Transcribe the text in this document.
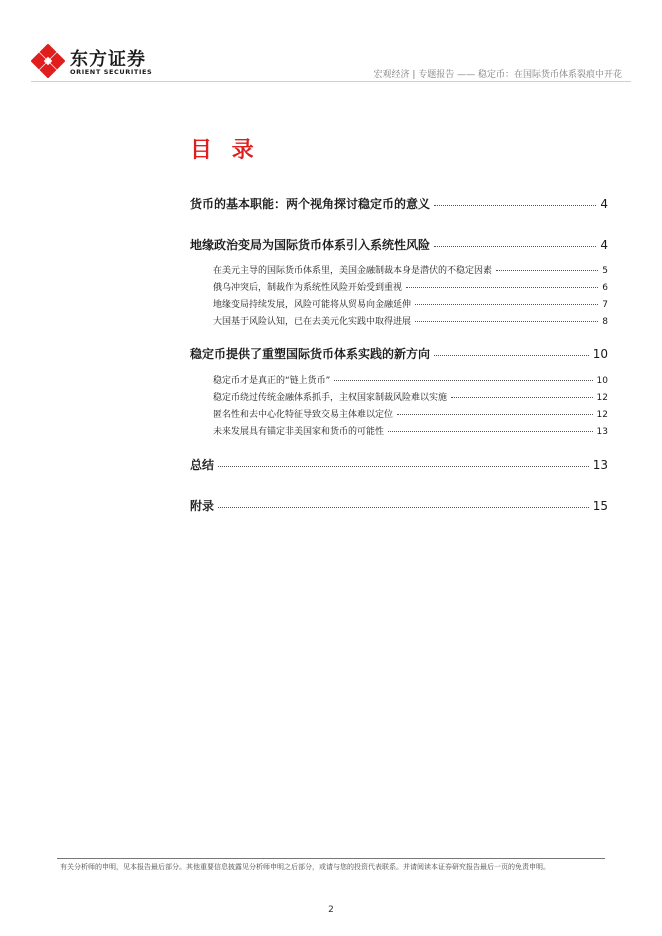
东方证券
ORIENT SECURITIES	宏观经济 | 专题报告 —— 稳定币：在国际货币体系裂痕中开花
目 录
货币的基本职能：两个视角探讨稳定币的意义	4
地缘政治变局为国际货币体系引入系统性风险	4
在美元主导的国际货币体系里，美国金融制裁本身是潜伏的不稳定因素	5
俄乌冲突后，制裁作为系统性风险开始受到重视	6
地缘变局持续发展，风险可能将从贸易向金融延伸	7
大国基于风险认知，已在去美元化实践中取得进展	8
稳定币提供了重塑国际货币体系实践的新方向	10
稳定币才是真正的“链上货币”	10
稳定币绕过传统金融体系抓手，主权国家制裁风险难以实施	12
匿名性和去中心化特征导致交易主体难以定位	12
未来发展具有锚定非美国家和货币的可能性	13
总结	13
附录	15
有关分析师的申明，见本报告最后部分。其他重要信息披露见分析师申明之后部分，或请与您的投资代表联系。并请阅读本证券研究报告最后一页的免责申明。
2
